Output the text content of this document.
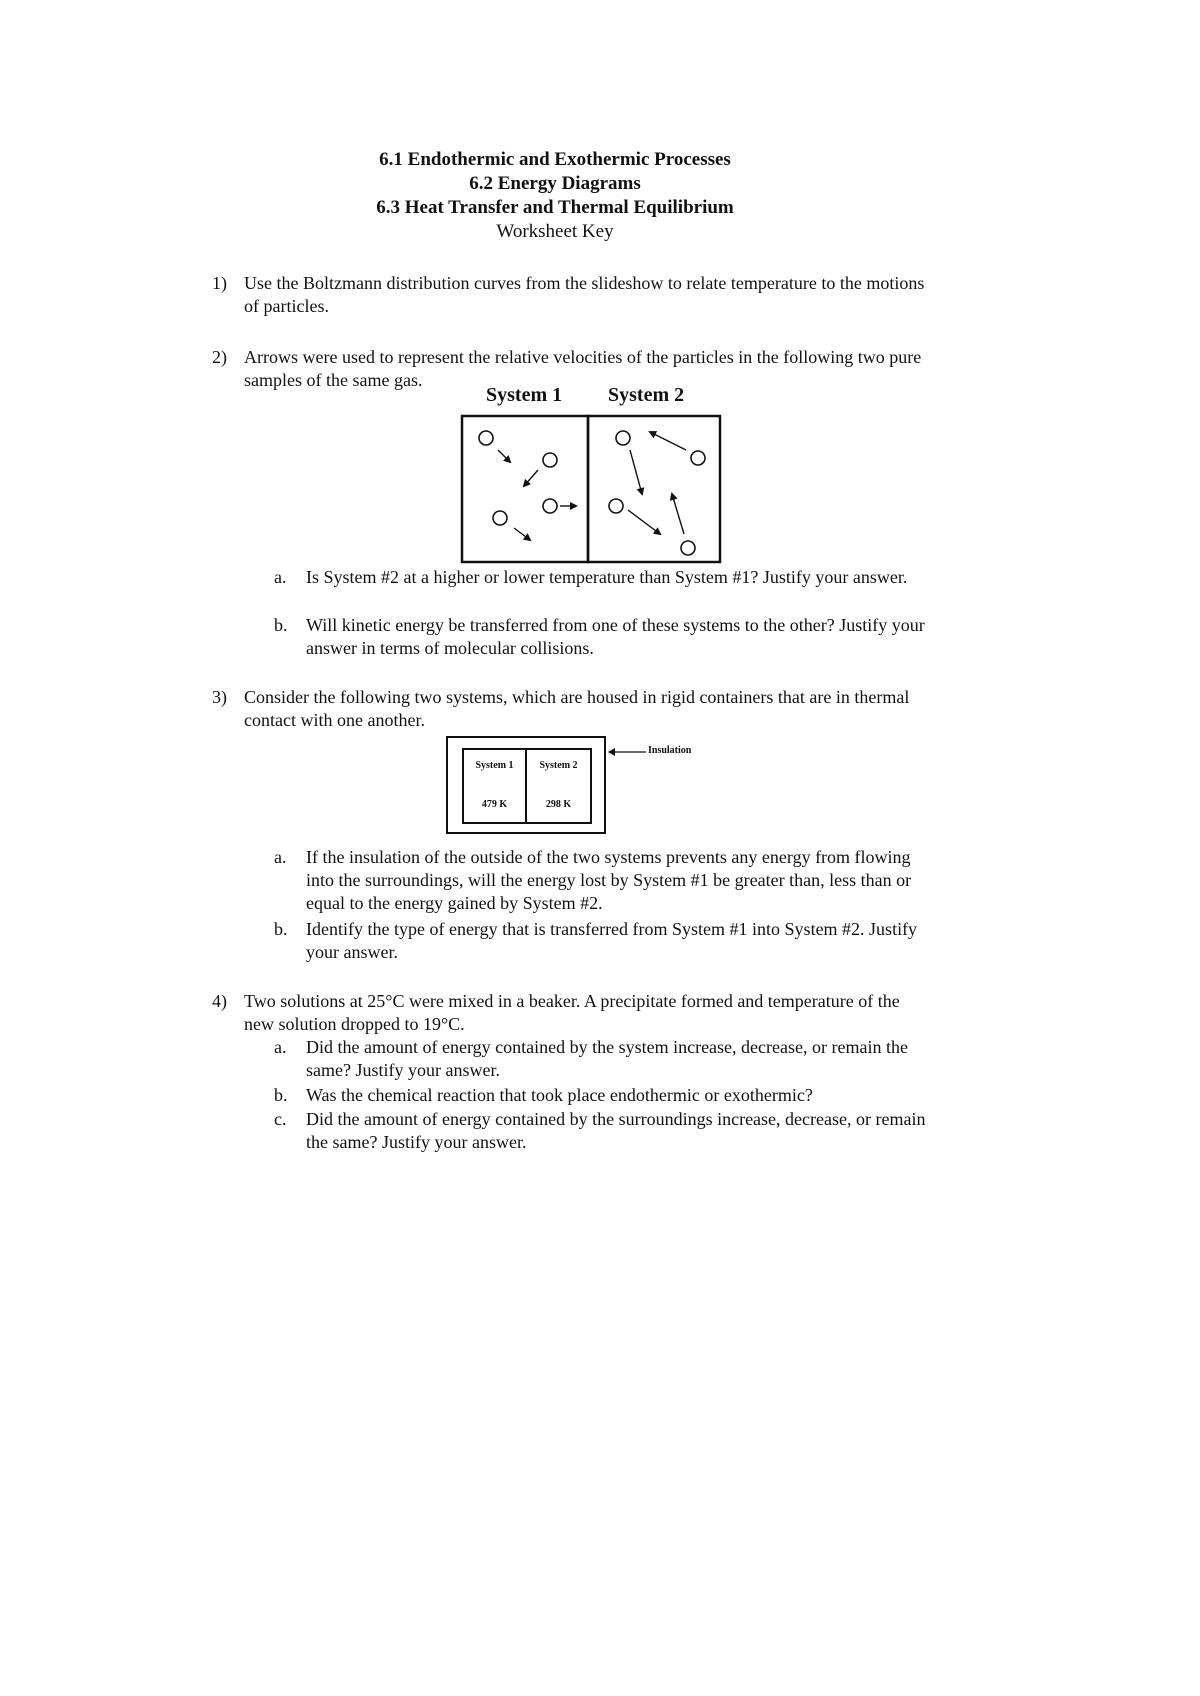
6.1 Endothermic and Exothermic Processes
6.2 Energy Diagrams
6.3 Heat Transfer and Thermal Equilibrium
Worksheet Key
1) Use the Boltzmann distribution curves from the slideshow to relate temperature to the motions of particles.
2) Arrows were used to represent the relative velocities of the particles in the following two pure samples of the same gas.
System 1 System 2
a. Is System #2 at a higher or lower temperature than System #1? Justify your answer.
b. Will kinetic energy be transferred from one of these systems to the other? Justify your answer in terms of molecular collisions.
3) Consider the following two systems, which are housed in rigid containers that are in thermal contact with one another.
System 1
479 K
System 2
298 K
Insulation
a. If the insulation of the outside of the two systems prevents any energy from flowing into the surroundings, will the energy lost by System #1 be greater than, less than or equal to the energy gained by System #2.
b. Identify the type of energy that is transferred from System #1 into System #2. Justify your answer.
4) Two solutions at 25°C were mixed in a beaker. A precipitate formed and temperature of the new solution dropped to 19°C.
a. Did the amount of energy contained by the system increase, decrease, or remain the same? Justify your answer.
b. Was the chemical reaction that took place endothermic or exothermic?
c. Did the amount of energy contained by the surroundings increase, decrease, or remain the same? Justify your answer.
